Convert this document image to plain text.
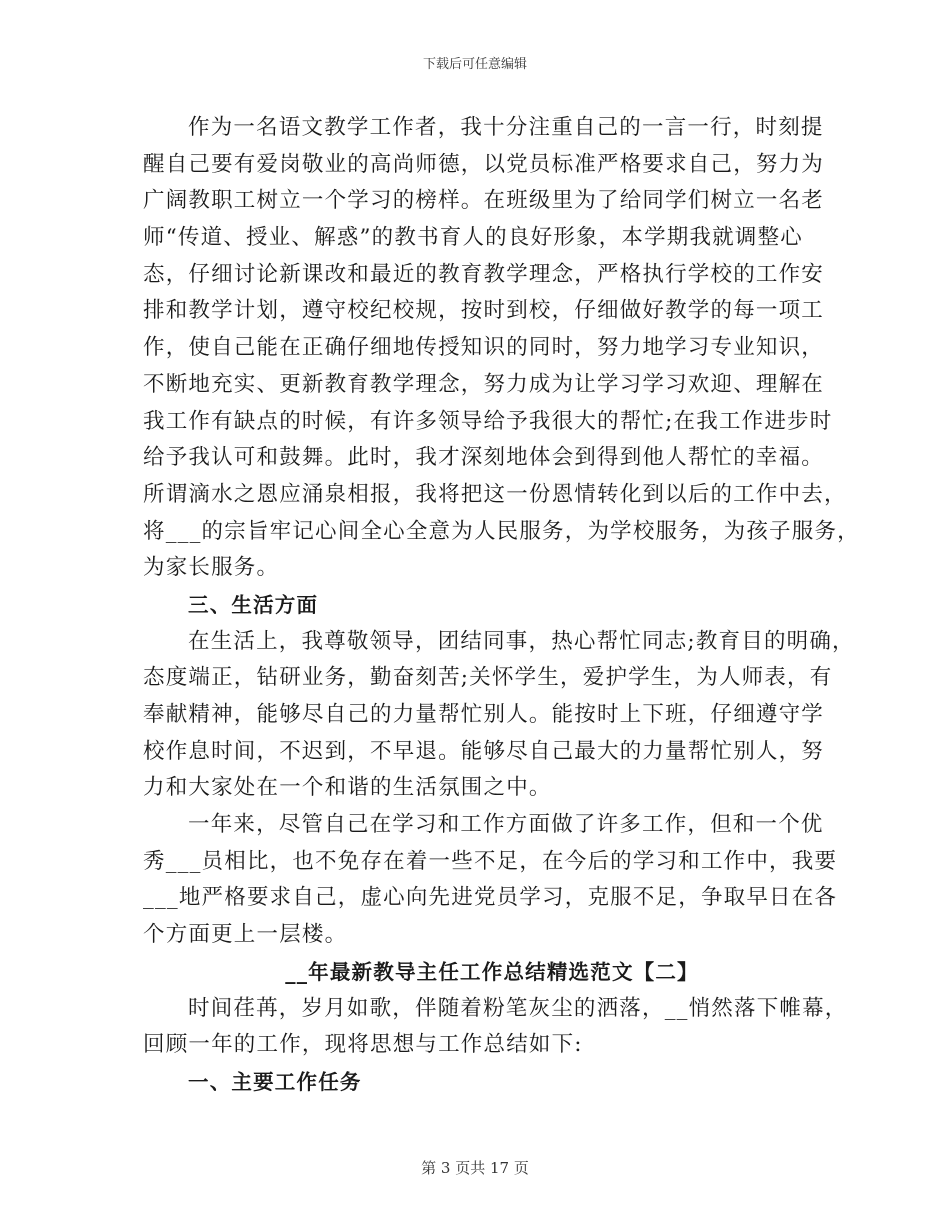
下载后可任意编辑
作为一名语文教学工作者，我十分注重自己的一言一行，时刻提
醒自己要有爱岗敬业的高尚师德，以党员标准严格要求自己，努力为
广阔教职工树立一个学习的榜样。在班级里为了给同学们树立一名老
师“传道、授业、解惑”的教书育人的良好形象，本学期我就调整心
态，仔细讨论新课改和最近的教育教学理念，严格执行学校的工作安
排和教学计划，遵守校纪校规，按时到校，仔细做好教学的每一项工
作，使自己能在正确仔细地传授知识的同时，努力地学习专业知识，
不断地充实、更新教育教学理念，努力成为让学习学习欢迎、理解在
我工作有缺点的时候，有许多领导给予我很大的帮忙;在我工作进步时
给予我认可和鼓舞。此时，我才深刻地体会到得到他人帮忙的幸福。
所谓滴水之恩应涌泉相报，我将把这一份恩情转化到以后的工作中去，
将___的宗旨牢记心间全心全意为人民服务，为学校服务，为孩子服务，
为家长服务。
三、生活方面
在生活上，我尊敬领导，团结同事，热心帮忙同志;教育目的明确，
态度端正，钻研业务，勤奋刻苦;关怀学生，爱护学生，为人师表，有
奉献精神，能够尽自己的力量帮忙别人。能按时上下班，仔细遵守学
校作息时间，不迟到，不早退。能够尽自己最大的力量帮忙别人，努
力和大家处在一个和谐的生活氛围之中。
一年来，尽管自己在学习和工作方面做了许多工作，但和一个优
秀___员相比，也不免存在着一些不足，在今后的学习和工作中，我要
___地严格要求自己，虚心向先进党员学习，克服不足，争取早日在各
个方面更上一层楼。
__年最新教导主任工作总结精选范文【二】
时间荏苒，岁月如歌，伴随着粉笔灰尘的洒落，__悄然落下帷幕，
回顾一年的工作，现将思想与工作总结如下:
一、主要工作任务
第 3 页共 17 页
